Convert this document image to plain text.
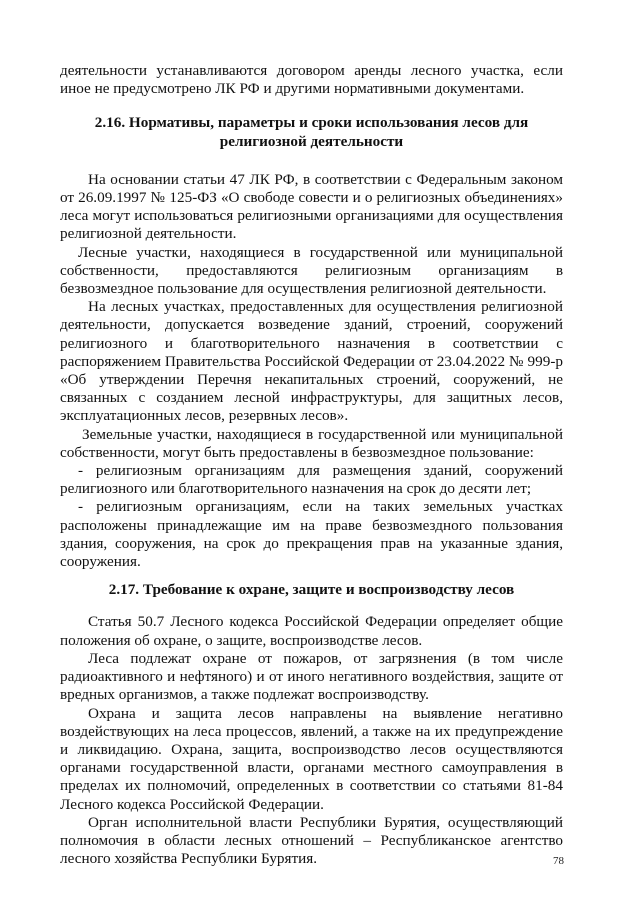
деятельности устанавливаются договором аренды лесного участка, если иное не предусмотрено ЛК РФ и другими нормативными документами.

2.16. Нормативы, параметры и сроки использования лесов для
религиозной деятельности

На основании статьи 47 ЛК РФ, в соответствии с Федеральным законом от 26.09.1997 № 125-ФЗ «О свободе совести и о религиозных объединениях» леса могут использоваться религиозными организациями для осуществления религиозной деятельности.

Лесные участки, находящиеся в государственной или муниципальной собственности, предоставляются религиозным организациям в безвозмездное пользование для осуществления религиозной деятельности.

На лесных участках, предоставленных для осуществления религиозной деятельности, допускается возведение зданий, строений, сооружений религиозного и благотворительного назначения в соответствии с распоряжением Правительства Российской Федерации от 23.04.2022 № 999-р «Об утверждении Перечня некапитальных строений, сооружений, не связанных с созданием лесной инфраструктуры, для защитных лесов, эксплуатационных лесов, резервных лесов».

Земельные участки, находящиеся в государственной или муниципальной собственности, могут быть предоставлены в безвозмездное пользование:

- религиозным организациям для размещения зданий, сооружений религиозного или благотворительного назначения на срок до десяти лет;

- религиозным организациям, если на таких земельных участках расположены принадлежащие им на праве безвозмездного пользования здания, сооружения, на срок до прекращения прав на указанные здания, сооружения.

2.17. Требование к охране, защите и воспроизводству лесов

Статья 50.7 Лесного кодекса Российской Федерации определяет общие положения об охране, о защите, воспроизводстве лесов.

Леса подлежат охране от пожаров, от загрязнения (в том числе радиоактивного и нефтяного) и от иного негативного воздействия, защите от вредных организмов, а также подлежат воспроизводству.

Охрана и защита лесов направлены на выявление негативно воздействующих на леса процессов, явлений, а также на их предупреждение и ликвидацию. Охрана, защита, воспроизводство лесов осуществляются органами государственной власти, органами местного самоуправления в пределах их полномочий, определенных в соответствии со статьями 81-84 Лесного кодекса Российской Федерации.

Орган исполнительной власти Республики Бурятия, осуществляющий полномочия в области лесных отношений – Республиканское агентство лесного хозяйства Республики Бурятия.	78
